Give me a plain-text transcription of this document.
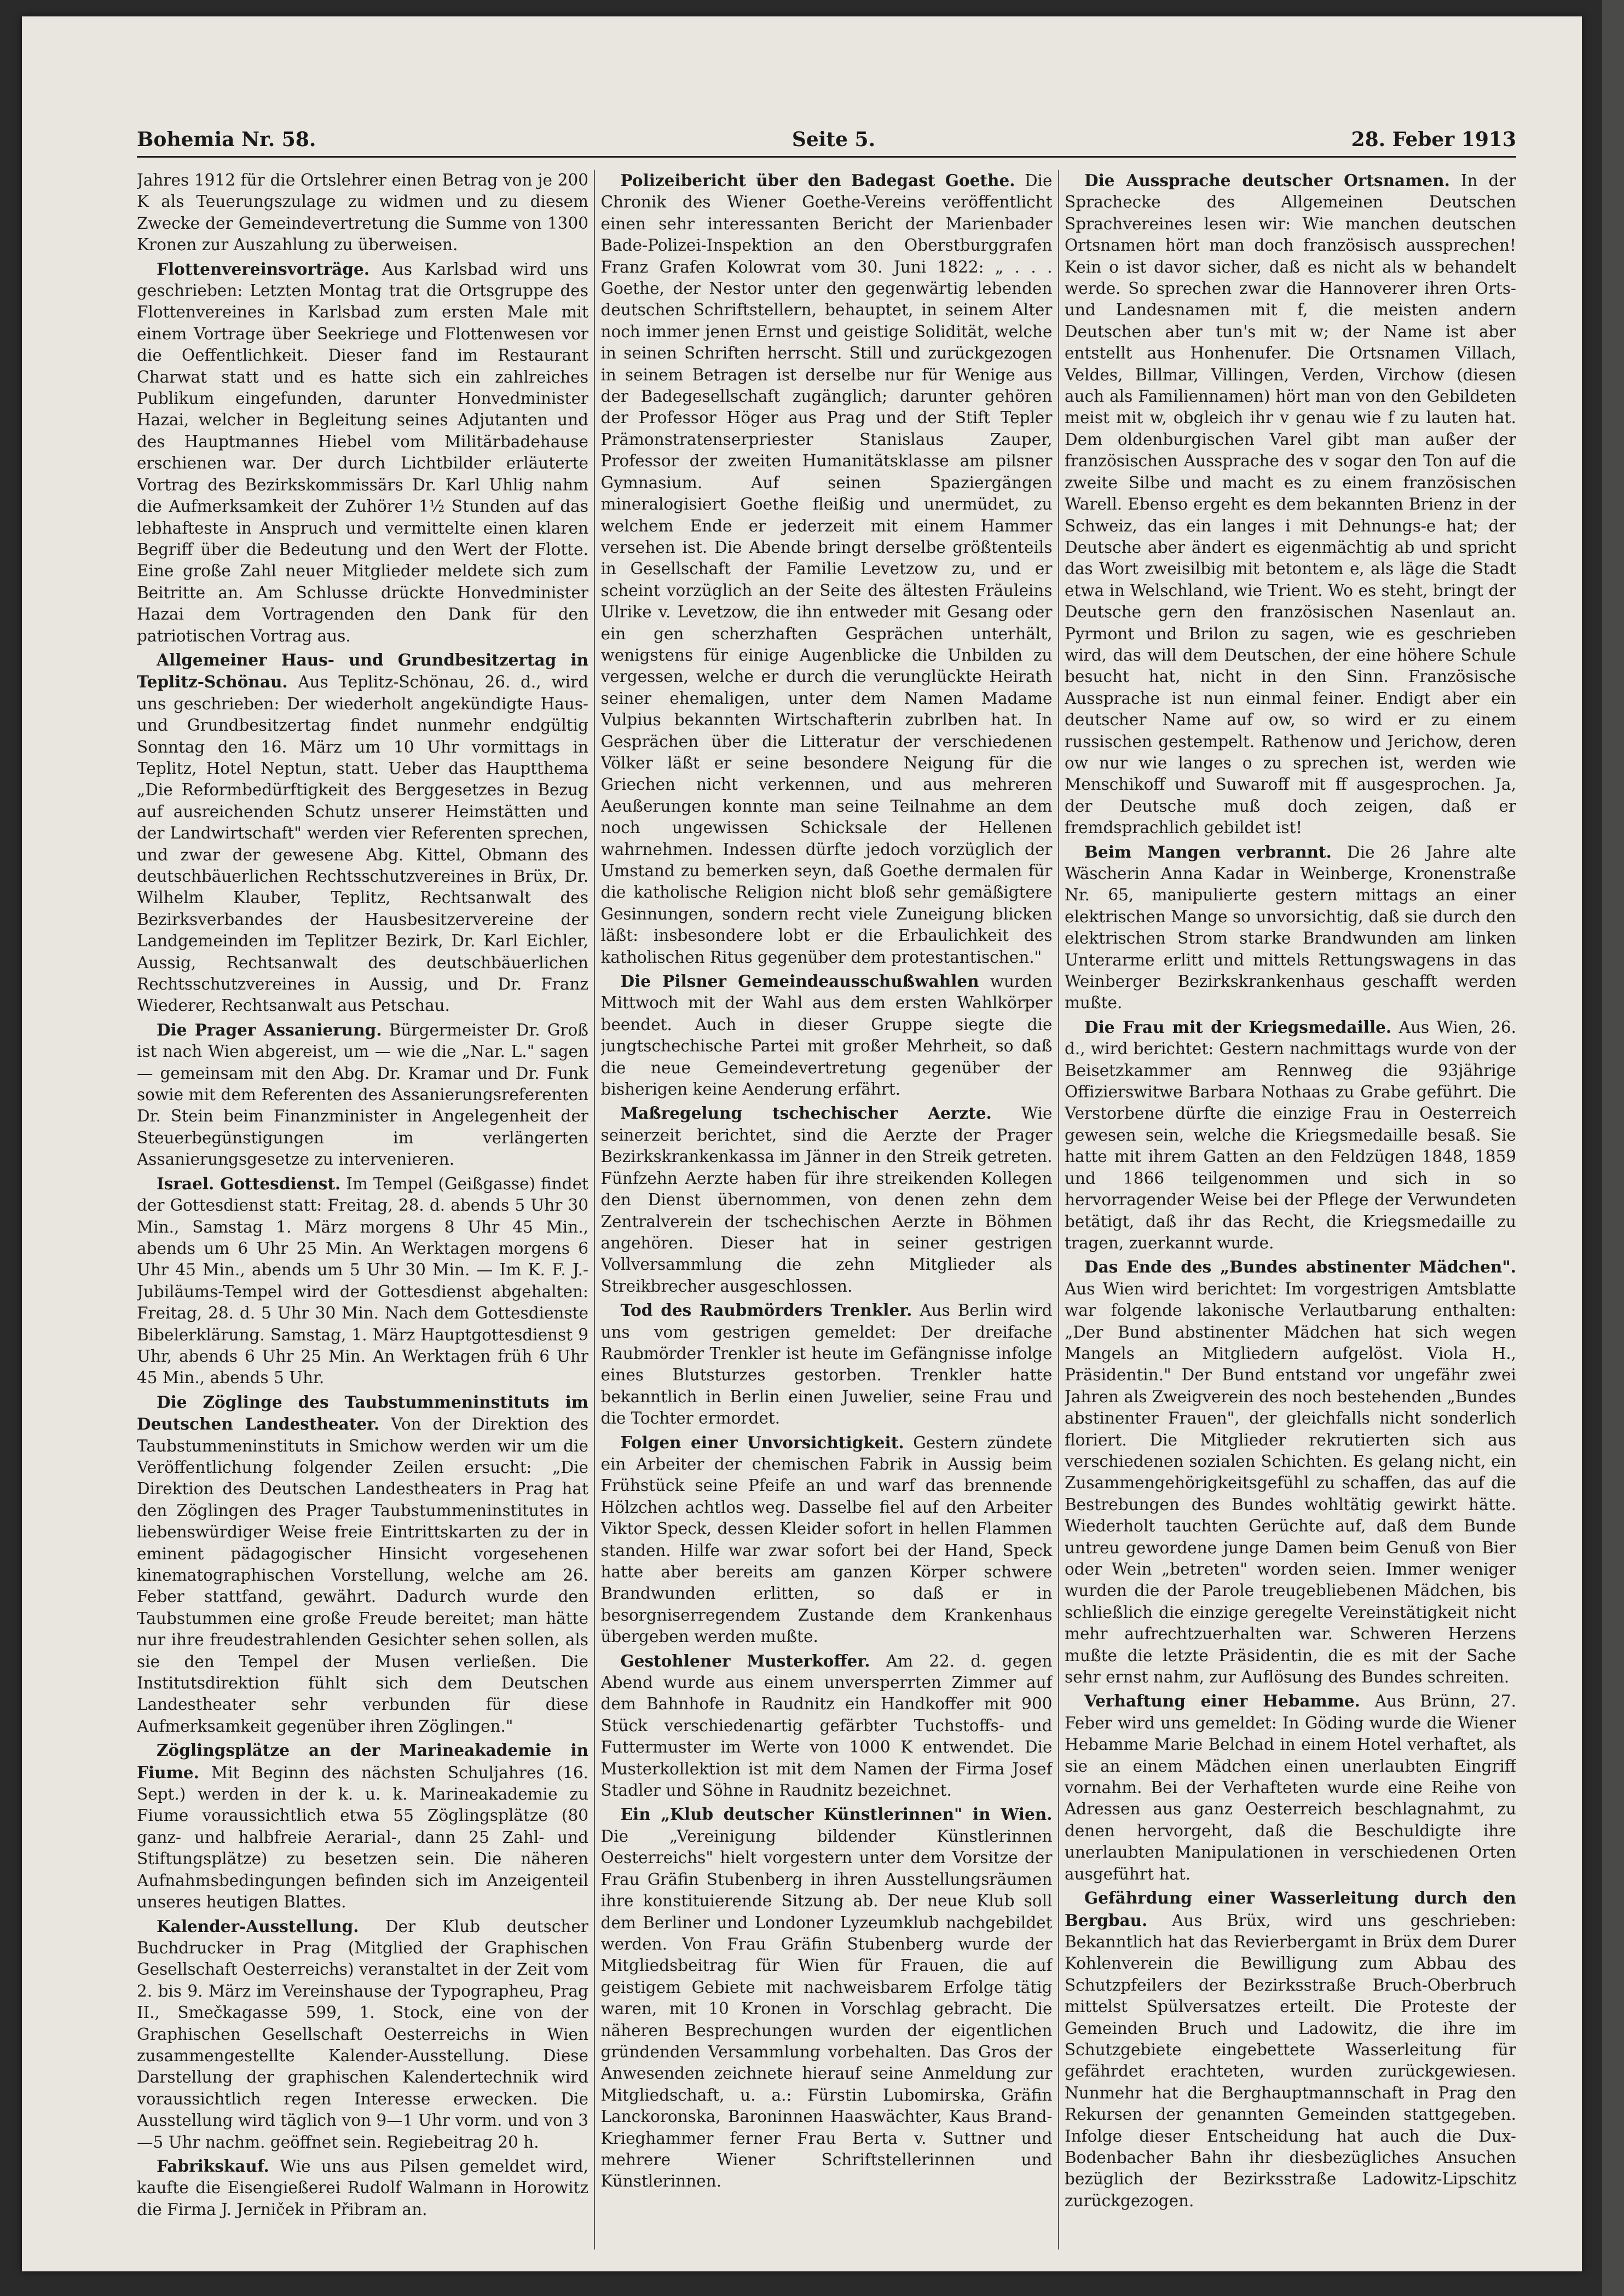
Bohemia Nr. 58.	Seite 5.	28. Feber 1913

Jahres 1912 für die Ortslehrer einen Betrag von je 200 K als Teuerungszulage zu widmen und zu diesem Zwecke der Gemeindevertretung die Summe von 1300 Kronen zur Auszahlung zu überweisen.

Flottenvereinsvorträge. Aus Karlsbad wird uns geschrieben: Letzten Montag trat die Ortsgruppe des Flottenvereines in Karlsbad zum ersten Male mit einem Vortrage über Seekriege und Flottenwesen vor die Oeffentlichkeit. Dieser fand im Restaurant Charwat statt und es hatte sich ein zahlreiches Publikum eingefunden, darunter Honvedminister Hazai, welcher in Begleitung seines Adjutanten und des Hauptmannes Hiebel vom Militärbadehause erschienen war. Der durch Lichtbilder erläuterte Vortrag des Bezirkskommissärs Dr. Karl Uhlig nahm die Aufmerksamkeit der Zuhörer 1½ Stunden auf das lebhafteste in Anspruch und vermittelte einen klaren Begriff über die Bedeutung und den Wert der Flotte. Eine große Zahl neuer Mitglieder meldete sich zum Beitritte an. Am Schlusse drückte Honvedminister Hazai dem Vortragenden den Dank für den patriotischen Vortrag aus.

Allgemeiner Haus- und Grundbesitzertag in Teplitz-Schönau. Aus Teplitz-Schönau, 26. d., wird uns geschrieben: Der wiederholt angekündigte Haus- und Grundbesitzertag findet nunmehr endgültig Sonntag den 16. März um 10 Uhr vormittags in Teplitz, Hotel Neptun, statt. Ueber das Hauptthema „Die Reformbedürftigkeit des Berggesetzes in Bezug auf ausreichenden Schutz unserer Heimstätten und der Landwirtschaft" werden vier Referenten sprechen, und zwar der gewesene Abg. Kittel, Obmann des deutschbäuerlichen Rechtsschutzvereines in Brüx, Dr. Wilhelm Klauber, Teplitz, Rechtsanwalt des Bezirksverbandes der Hausbesitzervereine der Landgemeinden im Teplitzer Bezirk, Dr. Karl Eichler, Aussig, Rechtsanwalt des deutschbäuerlichen Rechtsschutzvereines in Aussig, und Dr. Franz Wiederer, Rechtsanwalt aus Petschau.

Die Prager Assanierung. Bürgermeister Dr. Groß ist nach Wien abgereist, um — wie die „Nar. L." sagen — gemeinsam mit den Abg. Dr. Kramar und Dr. Funk sowie mit dem Referenten des Assanierungsreferenten Dr. Stein beim Finanzminister in Angelegenheit der Steuerbegünstigungen im verlängerten Assanierungsgesetze zu intervenieren.

Israel. Gottesdienst. Im Tempel (Geißgasse) findet der Gottesdienst statt: Freitag, 28. d. abends 5 Uhr 30 Min., Samstag 1. März morgens 8 Uhr 45 Min., abends um 6 Uhr 25 Min. An Werktagen morgens 6 Uhr 45 Min., abends um 5 Uhr 30 Min. — Im K. F. J.-Jubiläums-Tempel wird der Gottesdienst abgehalten: Freitag, 28. d. 5 Uhr 30 Min. Nach dem Gottesdienste Bibelerklärung. Samstag, 1. März Hauptgottesdienst 9 Uhr, abends 6 Uhr 25 Min. An Werktagen früh 6 Uhr 45 Min., abends 5 Uhr.

Die Zöglinge des Taubstummeninstituts im Deutschen Landestheater. Von der Direktion des Taubstummeninstituts in Smichow werden wir um die Veröffentlichung folgender Zeilen ersucht: „Die Direktion des Deutschen Landestheaters in Prag hat den Zöglingen des Prager Taubstummeninstitutes in liebenswürdiger Weise freie Eintrittskarten zu der in eminent pädagogischer Hinsicht vorgesehenen kinematographischen Vorstellung, welche am 26. Feber stattfand, gewährt. Dadurch wurde den Taubstummen eine große Freude bereitet; man hätte nur ihre freudestrahlenden Gesichter sehen sollen, als sie den Tempel der Musen verließen. Die Institutsdirektion fühlt sich dem Deutschen Landestheater sehr verbunden für diese Aufmerksamkeit gegenüber ihren Zöglingen."

Zöglingsplätze an der Marineakademie in Fiume. Mit Beginn des nächsten Schuljahres (16. Sept.) werden in der k. u. k. Marineakademie zu Fiume voraussichtlich etwa 55 Zöglingsplätze (80 ganz- und halbfreie Aerarial-, dann 25 Zahl- und Stiftungsplätze) zu besetzen sein. Die näheren Aufnahmsbedingungen befinden sich im Anzeigenteil unseres heutigen Blattes.

Kalender-Ausstellung. Der Klub deutscher Buchdrucker in Prag (Mitglied der Graphischen Gesellschaft Oesterreichs) veranstaltet in der Zeit vom 2. bis 9. März im Vereinshause der Typographeu, Prag II., Smečkagasse 599, 1. Stock, eine von der Graphischen Gesellschaft Oesterreichs in Wien zusammengestellte Kalender-Ausstellung. Diese Darstellung der graphischen Kalendertechnik wird voraussichtlich regen Interesse erwecken. Die Ausstellung wird täglich von 9—1 Uhr vorm. und von 3—5 Uhr nachm. geöffnet sein. Regiebeitrag 20 h.

Fabrikskauf. Wie uns aus Pilsen gemeldet wird, kaufte die Eisengießerei Rudolf Walmann in Horowitz die Firma J. Jerniček in Přibram an.

Polizeibericht über den Badegast Goethe. Die Chronik des Wiener Goethe-Vereins veröffentlicht einen sehr interessanten Bericht der Marienbader Bade-Polizei-Inspektion an den Oberstburggrafen Franz Grafen Kolowrat vom 30. Juni 1822: „ . . . Goethe, der Nestor unter den gegenwärtig lebenden deutschen Schriftstellern, behauptet, in seinem Alter noch immer jenen Ernst und geistige Solidität, welche in seinen Schriften herrscht. Still und zurückgezogen in seinem Betragen ist derselbe nur für Wenige aus der Badegesellschaft zugänglich; darunter gehören der Professor Höger aus Prag und der Stift Tepler Prämonstratenserpriester Stanislaus Zauper, Professor der zweiten Humanitätsklasse am pilsner Gymnasium. Auf seinen Spaziergängen mineralogisiert Goethe fleißig und unermüdet, zu welchem Ende er jederzeit mit einem Hammer versehen ist. Die Abende bringt derselbe größtenteils in Gesellschaft der Familie Levetzow zu, und er scheint vorzüglich an der Seite des ältesten Fräuleins Ulrike v. Levetzow, die ihn entweder mit Gesang oder ein gen scherzhaften Gesprächen unterhält, wenigstens für einige Augenblicke die Unbilden zu vergessen, welche er durch die verunglückte Heirath seiner ehemaligen, unter dem Namen Madame Vulpius bekannten Wirtschafterin zubrlben hat. In Gesprächen über die Litteratur der verschiedenen Völker läßt er seine besondere Neigung für die Griechen nicht verkennen, und aus mehreren Aeußerungen konnte man seine Teilnahme an dem noch ungewissen Schicksale der Hellenen wahrnehmen. Indessen dürfte jedoch vorzüglich der Umstand zu bemerken seyn, daß Goethe dermalen für die katholische Religion nicht bloß sehr gemäßigtere Gesinnungen, sondern recht viele Zuneigung blicken läßt: insbesondere lobt er die Erbaulichkeit des katholischen Ritus gegenüber dem protestantischen."

Die Pilsner Gemeindeausschußwahlen wurden Mittwoch mit der Wahl aus dem ersten Wahlkörper beendet. Auch in dieser Gruppe siegte die jungtschechische Partei mit großer Mehrheit, so daß die neue Gemeindevertretung gegenüber der bisherigen keine Aenderung erfährt.

Maßregelung tschechischer Aerzte. Wie seinerzeit berichtet, sind die Aerzte der Prager Bezirkskrankenkassa im Jänner in den Streik getreten. Fünfzehn Aerzte haben für ihre streikenden Kollegen den Dienst übernommen, von denen zehn dem Zentralverein der tschechischen Aerzte in Böhmen angehören. Dieser hat in seiner gestrigen Vollversammlung die zehn Mitglieder als Streikbrecher ausgeschlossen.

Tod des Raubmörders Trenkler. Aus Berlin wird uns vom gestrigen gemeldet: Der dreifache Raubmörder Trenkler ist heute im Gefängnisse infolge eines Blutsturzes gestorben. Trenkler hatte bekanntlich in Berlin einen Juwelier, seine Frau und die Tochter ermordet.

Folgen einer Unvorsichtigkeit. Gestern zündete ein Arbeiter der chemischen Fabrik in Aussig beim Frühstück seine Pfeife an und warf das brennende Hölzchen achtlos weg. Dasselbe fiel auf den Arbeiter Viktor Speck, dessen Kleider sofort in hellen Flammen standen. Hilfe war zwar sofort bei der Hand, Speck hatte aber bereits am ganzen Körper schwere Brandwunden erlitten, so daß er in besorgniserregendem Zustande dem Krankenhaus übergeben werden mußte.

Gestohlener Musterkoffer. Am 22. d. gegen Abend wurde aus einem unversperrten Zimmer auf dem Bahnhofe in Raudnitz ein Handkoffer mit 900 Stück verschiedenartig gefärbter Tuchstoffs- und Futtermuster im Werte von 1000 K entwendet. Die Musterkollektion ist mit dem Namen der Firma Josef Stadler und Söhne in Raudnitz bezeichnet.

Ein „Klub deutscher Künstlerinnen" in Wien. Die „Vereinigung bildender Künstlerinnen Oesterreichs" hielt vorgestern unter dem Vorsitze der Frau Gräfin Stubenberg in ihren Ausstellungsräumen ihre konstituierende Sitzung ab. Der neue Klub soll dem Berliner und Londoner Lyzeumklub nachgebildet werden. Von Frau Gräfin Stubenberg wurde der Mitgliedsbeitrag für Wien für Frauen, die auf geistigem Gebiete mit nachweisbarem Erfolge tätig waren, mit 10 Kronen in Vorschlag gebracht. Die näheren Besprechungen wurden der eigentlichen gründenden Versammlung vorbehalten. Das Gros der Anwesenden zeichnete hierauf seine Anmeldung zur Mitgliedschaft, u. a.: Fürstin Lubomirska, Gräfin Lanckoronska, Baroninnen Haaswächter, Kaus Brand-Krieghammer ferner Frau Berta v. Suttner und mehrere Wiener Schriftstellerinnen und Künstlerinnen.

Die Aussprache deutscher Ortsnamen. In der Sprachecke des Allgemeinen Deutschen Sprachvereines lesen wir: Wie manchen deutschen Ortsnamen hört man doch französisch aussprechen! Kein o ist davor sicher, daß es nicht als w behandelt werde. So sprechen zwar die Hannoverer ihren Orts- und Landesnamen mit f, die meisten andern Deutschen aber tun's mit w; der Name ist aber entstellt aus Honhenufer. Die Ortsnamen Villach, Veldes, Billmar, Villingen, Verden, Virchow (diesen auch als Familiennamen) hört man von den Gebildeten meist mit w, obgleich ihr v genau wie f zu lauten hat. Dem oldenburgischen Varel gibt man außer der französischen Aussprache des v sogar den Ton auf die zweite Silbe und macht es zu einem französischen Warell. Ebenso ergeht es dem bekannten Brienz in der Schweiz, das ein langes i mit Dehnungs-e hat; der Deutsche aber ändert es eigenmächtig ab und spricht das Wort zweisilbig mit betontem e, als läge die Stadt etwa in Welschland, wie Trient. Wo es steht, bringt der Deutsche gern den französischen Nasenlaut an. Pyrmont und Brilon zu sagen, wie es geschrieben wird, das will dem Deutschen, der eine höhere Schule besucht hat, nicht in den Sinn. Französische Aussprache ist nun einmal feiner. Endigt aber ein deutscher Name auf ow, so wird er zu einem russischen gestempelt. Rathenow und Jerichow, deren ow nur wie langes o zu sprechen ist, werden wie Menschikoff und Suwaroff mit ff ausgesprochen. Ja, der Deutsche muß doch zeigen, daß er fremdsprachlich gebildet ist!

Beim Mangen verbrannt. Die 26 Jahre alte Wäscherin Anna Kadar in Weinberge, Kronenstraße Nr. 65, manipulierte gestern mittags an einer elektrischen Mange so unvorsichtig, daß sie durch den elektrischen Strom starke Brandwunden am linken Unterarme erlitt und mittels Rettungswagens in das Weinberger Bezirkskrankenhaus geschafft werden mußte.

Die Frau mit der Kriegsmedaille. Aus Wien, 26. d., wird berichtet: Gestern nachmittags wurde von der Beisetzkammer am Rennweg die 93jährige Offizierswitwe Barbara Nothaas zu Grabe geführt. Die Verstorbene dürfte die einzige Frau in Oesterreich gewesen sein, welche die Kriegsmedaille besaß. Sie hatte mit ihrem Gatten an den Feldzügen 1848, 1859 und 1866 teilgenommen und sich in so hervorragender Weise bei der Pflege der Verwundeten betätigt, daß ihr das Recht, die Kriegsmedaille zu tragen, zuerkannt wurde.

Das Ende des „Bundes abstinenter Mädchen". Aus Wien wird berichtet: Im vorgestrigen Amtsblatte war folgende lakonische Verlautbarung enthalten: „Der Bund abstinenter Mädchen hat sich wegen Mangels an Mitgliedern aufgelöst. Viola H., Präsidentin." Der Bund entstand vor ungefähr zwei Jahren als Zweigverein des noch bestehenden „Bundes abstinenter Frauen", der gleichfalls nicht sonderlich floriert. Die Mitglieder rekrutierten sich aus verschiedenen sozialen Schichten. Es gelang nicht, ein Zusammengehörigkeitsgefühl zu schaffen, das auf die Bestrebungen des Bundes wohltätig gewirkt hätte. Wiederholt tauchten Gerüchte auf, daß dem Bunde untreu gewordene junge Damen beim Genuß von Bier oder Wein „betreten" worden seien. Immer weniger wurden die der Parole treugebliebenen Mädchen, bis schließlich die einzige geregelte Vereinstätigkeit nicht mehr aufrechtzuerhalten war. Schweren Herzens mußte die letzte Präsidentin, die es mit der Sache sehr ernst nahm, zur Auflösung des Bundes schreiten.

Verhaftung einer Hebamme. Aus Brünn, 27. Feber wird uns gemeldet: In Göding wurde die Wiener Hebamme Marie Belchad in einem Hotel verhaftet, als sie an einem Mädchen einen unerlaubten Eingriff vornahm. Bei der Verhafteten wurde eine Reihe von Adressen aus ganz Oesterreich beschlagnahmt, zu denen hervorgeht, daß die Beschuldigte ihre unerlaubten Manipulationen in verschiedenen Orten ausgeführt hat.

Gefährdung einer Wasserleitung durch den Bergbau. Aus Brüx, wird uns geschrieben: Bekanntlich hat das Revierbergamt in Brüx dem Durer Kohlenverein die Bewilligung zum Abbau des Schutzpfeilers der Bezirksstraße Bruch-Oberbruch mittelst Spülversatzes erteilt. Die Proteste der Gemeinden Bruch und Ladowitz, die ihre im Schutzgebiete eingebettete Wasserleitung für gefährdet erachteten, wurden zurückgewiesen. Nunmehr hat die Berghauptmannschaft in Prag den Rekursen der genannten Gemeinden stattgegeben. Infolge dieser Entscheidung hat auch die Dux-Bodenbacher Bahn ihr diesbezügliches Ansuchen bezüglich der Bezirksstraße Ladowitz-Lipschitz zurückgezogen.
